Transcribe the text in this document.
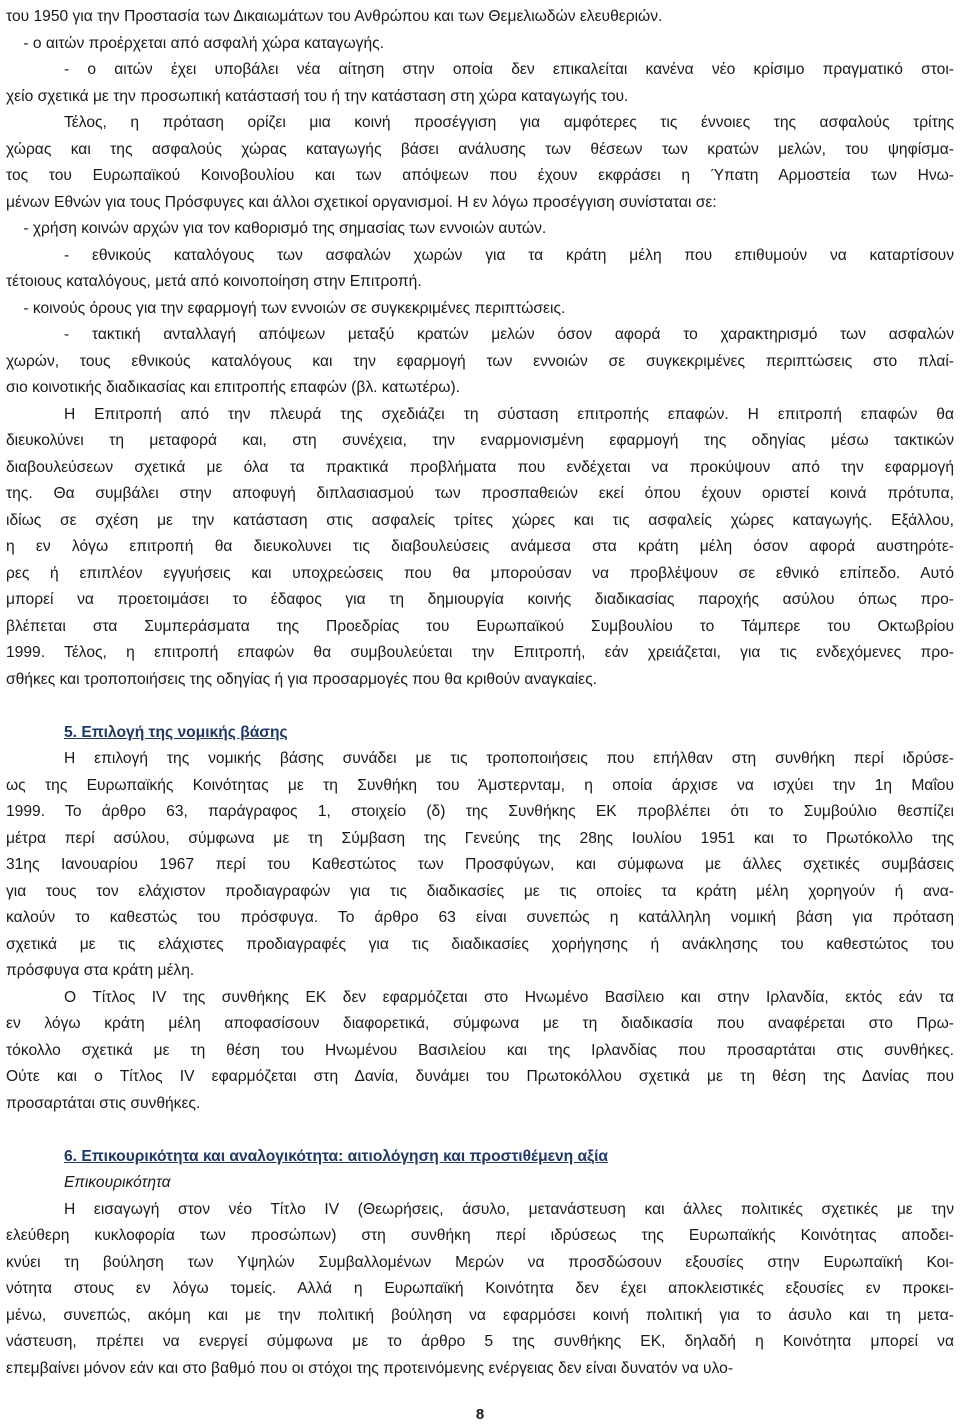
του 1950 για την Προστασία των Δικαιωμάτων του Ανθρώπου και των Θεμελιωδών ελευθεριών.
- ο αιτών προέρχεται από ασφαλή χώρα καταγωγής.
- ο αιτών έχει υποβάλει νέα αίτηση στην οποία δεν επικαλείται κανένα νέο κρίσιμο πραγματικό στοι-
χείο σχετικά με την προσωπική κατάστασή του ή την κατάσταση στη χώρα καταγωγής του.
Τέλος, η πρόταση ορίζει μια κοινή προσέγγιση για αμφότερες τις έννοιες της ασφαλούς τρίτης
χώρας και της ασφαλούς χώρας καταγωγής βάσει ανάλυσης των θέσεων των κρατών μελών, του ψηφίσμα-
τος του Ευρωπαϊκού Κοινοβουλίου και των απόψεων που έχουν εκφράσει η Ύπατη Αρμοστεία των Ηνω-
μένων Εθνών για τους Πρόσφυγες και άλλοι σχετικοί οργανισμοί. Η εν λόγω προσέγγιση συνίσταται σε:
- χρήση κοινών αρχών για τον καθορισμό της σημασίας των εννοιών αυτών.
- εθνικούς καταλόγους των ασφαλών χωρών για τα κράτη μέλη που επιθυμούν να καταρτίσουν
τέτοιους καταλόγους, μετά από κοινοποίηση στην Επιτροπή.
- κοινούς όρους για την εφαρμογή των εννοιών σε συγκεκριμένες περιπτώσεις.
- τακτική ανταλλαγή απόψεων μεταξύ κρατών μελών όσον αφορά το χαρακτηρισμό των ασφαλών
χωρών, τους εθνικούς καταλόγους και την εφαρμογή των εννοιών σε συγκεκριμένες περιπτώσεις στο πλαί-
σιο κοινοτικής διαδικασίας και επιτροπής επαφών (βλ. κατωτέρω).
Η Επιτροπή από την πλευρά της σχεδιάζει τη σύσταση επιτροπής επαφών. Η επιτροπή επαφών θα
διευκολύνει τη μεταφορά και, στη συνέχεια, την εναρμονισμένη εφαρμογή της οδηγίας μέσω τακτικών
διαβουλεύσεων σχετικά με όλα τα πρακτικά προβλήματα που ενδέχεται να προκύψουν από την εφαρμογή
της. Θα συμβάλει στην αποφυγή διπλασιασμού των προσπαθειών εκεί όπου έχουν οριστεί κοινά πρότυπα,
ιδίως σε σχέση με την κατάσταση στις ασφαλείς τρίτες χώρες και τις ασφαλείς χώρες καταγωγής. Εξάλλου,
η εν λόγω επιτροπή θα διευκολυνει τις διαβουλεύσεις ανάμεσα στα κράτη μέλη όσον αφορά αυστηρότε-
ρες ή επιπλέον εγγυήσεις και υποχρεώσεις που θα μπορούσαν να προβλέψουν σε εθνικό επίπεδο. Αυτό
μπορεί να προετοιμάσει το έδαφος για τη δημιουργία κοινής διαδικασίας παροχής ασύλου όπως προ-
βλέπεται στα Συμπεράσματα της Προεδρίας του Ευρωπαϊκού Συμβουλίου το Τάμπερε του Οκτωβρίου
1999. Τέλος, η επιτροπή επαφών θα συμβουλεύεται την Επιτροπή, εάν χρειάζεται, για τις ενδεχόμενες προ-
σθήκες και τροποποιήσεις της οδηγίας ή για προσαρμογές που θα κριθούν αναγκαίες.
5. Επιλογή της νομικής βάσης
Η επιλογή της νομικής βάσης συνάδει με τις τροποποιήσεις που επήλθαν στη συνθήκη περί ιδρύσε-
ως της Ευρωπαϊκής Κοινότητας με τη Συνθήκη του Άμστερνταμ, η οποία άρχισε να ισχύει την 1η Μαΐου
1999. Το άρθρο 63, παράγραφος 1, στοιχείο (δ) της Συνθήκης ΕΚ προβλέπει ότι το Συμβούλιο θεσπίζει
μέτρα περί ασύλου, σύμφωνα με τη Σύμβαση της Γενεύης της 28ης Ιουλίου 1951 και το Πρωτόκολλο της
31ης Ιανουαρίου 1967 περί του Καθεστώτος των Προσφύγων, και σύμφωνα με άλλες σχετικές συμβάσεις
για τους τον ελάχιστον προδιαγραφών για τις διαδικασίες με τις οποίες τα κράτη μέλη χορηγούν ή ανα-
καλούν το καθεστώς του πρόσφυγα. Το άρθρο 63 είναι συνεπώς η κατάλληλη νομική βάση για πρόταση
σχετικά με τις ελάχιστες προδιαγραφές για τις διαδικασίες χορήγησης ή ανάκλησης του καθεστώτος του
πρόσφυγα στα κράτη μέλη.
Ο Τίτλος IV της συνθήκης ΕΚ δεν εφαρμόζεται στο Ηνωμένο Βασίλειο και στην Ιρλανδία, εκτός εάν τα
εν λόγω κράτη μέλη αποφασίσουν διαφορετικά, σύμφωνα με τη διαδικασία που αναφέρεται στο Πρω-
τόκολλο σχετικά με τη θέση του Ηνωμένου Βασιλείου και της Ιρλανδίας που προσαρτάται στις συνθήκες.
Ούτε και ο Τίτλος IV εφαρμόζεται στη Δανία, δυνάμει του Πρωτοκόλλου σχετικά με τη θέση της Δανίας που
προσαρτάται στις συνθήκες.
6. Επικουρικότητα και αναλογικότητα: αιτιολόγηση και προστιθέμενη αξία
Επικουρικότητα
Η εισαγωγή στον νέο Τίτλο IV (Θεωρήσεις, άσυλο, μετανάστευση και άλλες πολιτικές σχετικές με την
ελεύθερη κυκλοφορία των προσώπων) στη συνθήκη περί ιδρύσεως της Ευρωπαϊκής Κοινότητας αποδει-
κνύει τη βούληση των Υψηλών Συμβαλλομένων Μερών να προσδώσουν εξουσίες στην Ευρωπαϊκή Κοι-
νότητα στους εν λόγω τομείς. Αλλά η Ευρωπαϊκή Κοινότητα δεν έχει αποκλειστικές εξουσίες εν προκει-
μένω, συνεπώς, ακόμη και με την πολιτική βούληση να εφαρμόσει κοινή πολιτική για το άσυλο και τη μετα-
νάστευση, πρέπει να ενεργεί σύμφωνα με το άρθρο 5 της συνθήκης ΕΚ, δηλαδή η Κοινότητα μπορεί να
επεμβαίνει μόνον εάν και στο βαθμό που οι στόχοι της προτεινόμενης ενέργειας δεν είναι δυνατόν να υλο-
8
